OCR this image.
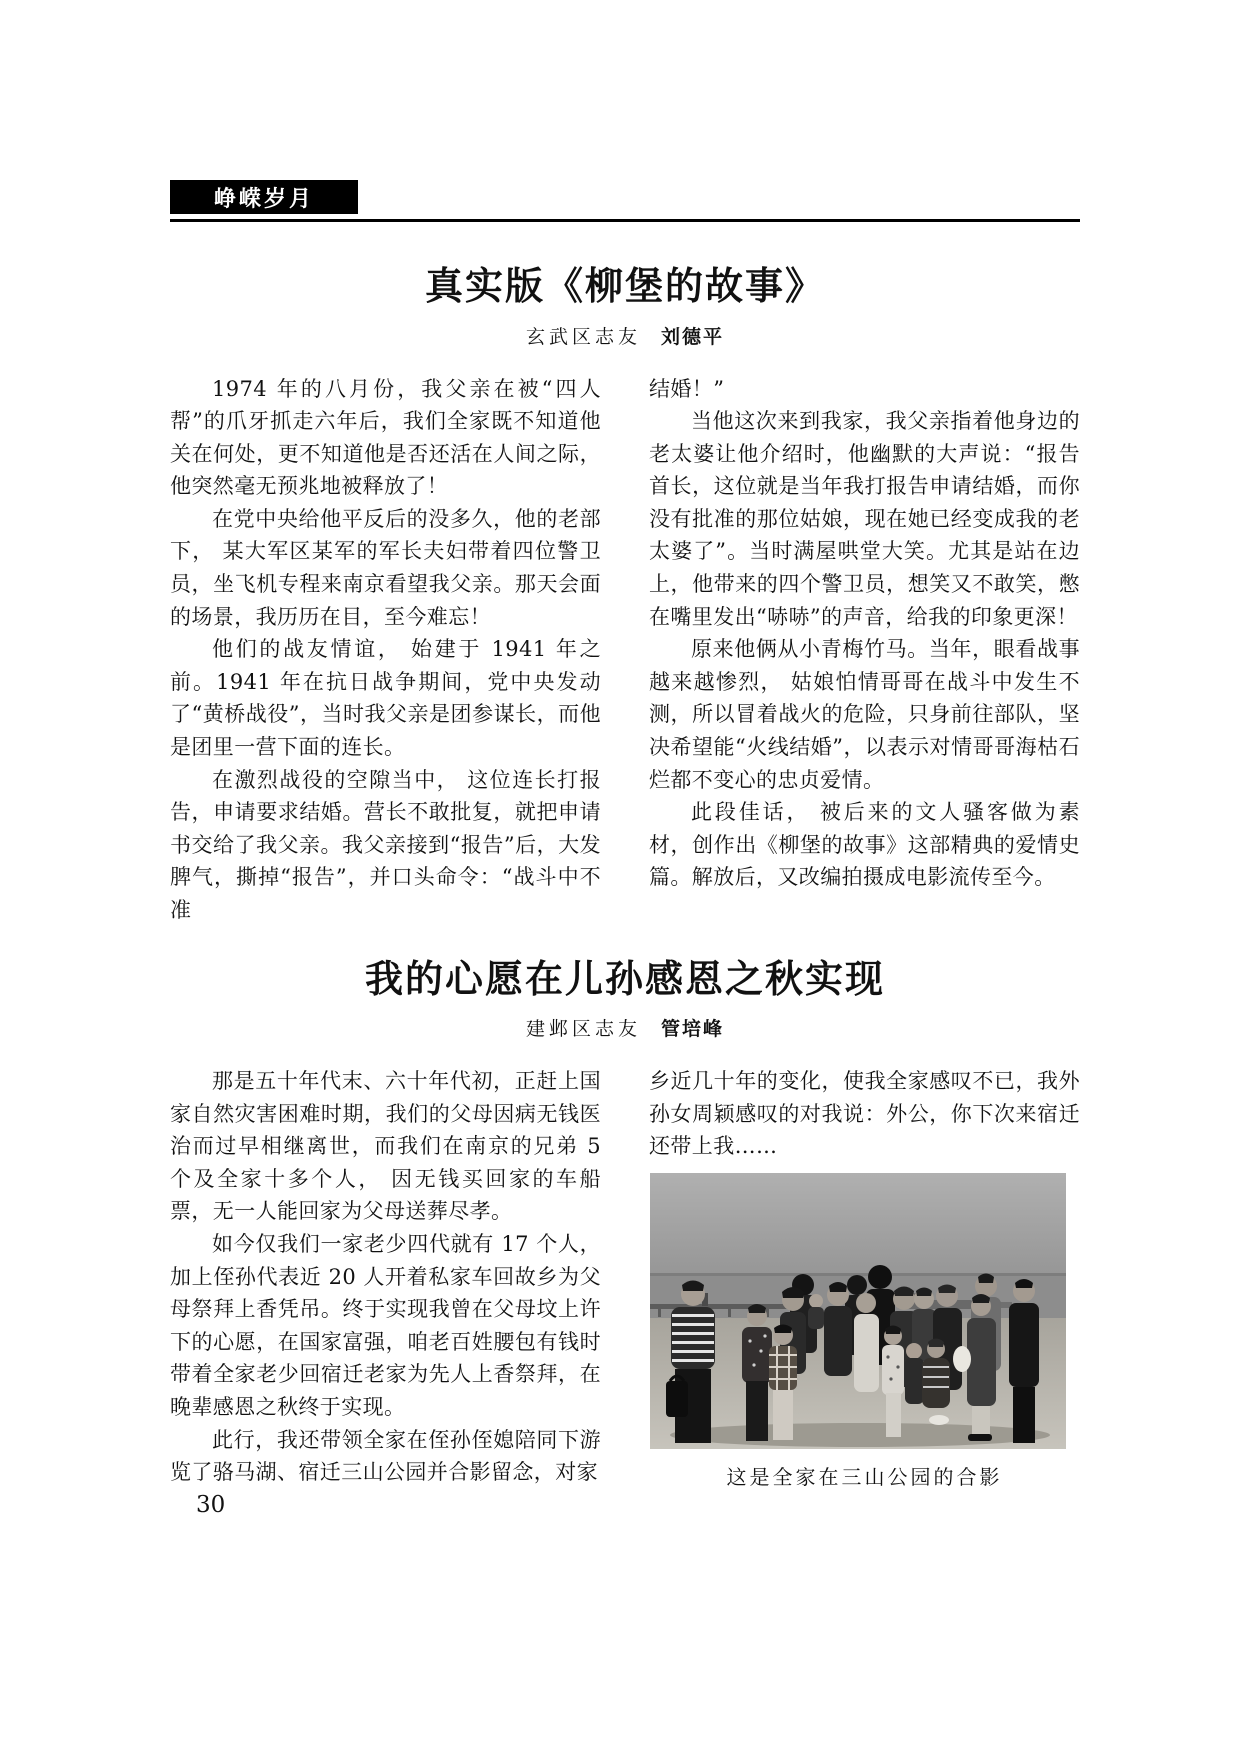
峥嵘岁月
真实版《柳堡的故事》
玄武区志友 刘德平

1974 年的八月份，我父亲在被“四人帮”的爪牙抓走六年后，我们全家既不知道他关在何处，更不知道他是否还活在人间之际，他突然毫无预兆地被释放了！

在党中央给他平反后的没多久，他的老部下， 某大军区某军的军长夫妇带着四位警卫员，坐飞机专程来南京看望我父亲。那天会面的场景，我历历在目，至今难忘！

他们的战友情谊， 始建于 1941 年之前。1941 年在抗日战争期间，党中央发动了“黄桥战役”，当时我父亲是团参谋长，而他是团里一营下面的连长。

在激烈战役的空隙当中， 这位连长打报告，申请要求结婚。营长不敢批复，就把申请书交给了我父亲。我父亲接到“报告”后，大发脾气，撕掉“报告”，并口头命令：“战斗中不准

结婚！”

当他这次来到我家，我父亲指着他身边的老太婆让他介绍时，他幽默的大声说：“报告首长，这位就是当年我打报告申请结婚，而你没有批准的那位姑娘，现在她已经变成我的老太婆了”。当时满屋哄堂大笑。尤其是站在边上，他带来的四个警卫员，想笑又不敢笑，憋在嘴里发出“哧哧”的声音，给我的印象更深！

原来他俩从小青梅竹马。当年，眼看战事越来越惨烈， 姑娘怕情哥哥在战斗中发生不测，所以冒着战火的危险，只身前往部队，坚决希望能“火线结婚”，以表示对情哥哥海枯石烂都不变心的忠贞爱情。

此段佳话， 被后来的文人骚客做为素材，创作出《柳堡的故事》这部精典的爱情史篇。解放后，又改编拍摄成电影流传至今。

我的心愿在儿孙感恩之秋实现
建邺区志友 管培峰

那是五十年代末、六十年代初，正赶上国家自然灾害困难时期，我们的父母因病无钱医治而过早相继离世，而我们在南京的兄弟 5 个及全家十多个人， 因无钱买回家的车船票，无一人能回家为父母送葬尽孝。

如今仅我们一家老少四代就有 17 个人，加上侄孙代表近 20 人开着私家车回故乡为父母祭拜上香凭吊。终于实现我曾在父母坟上许下的心愿，在国家富强，咱老百姓腰包有钱时带着全家老少回宿迁老家为先人上香祭拜，在晚辈感恩之秋终于实现。

此行，我还带领全家在侄孙侄媳陪同下游览了骆马湖、宿迁三山公园并合影留念，对家

乡近几十年的变化，使我全家感叹不已，我外孙女周颖感叹的对我说：外公，你下次来宿迁还带上我……

这是全家在三山公园的合影
30
